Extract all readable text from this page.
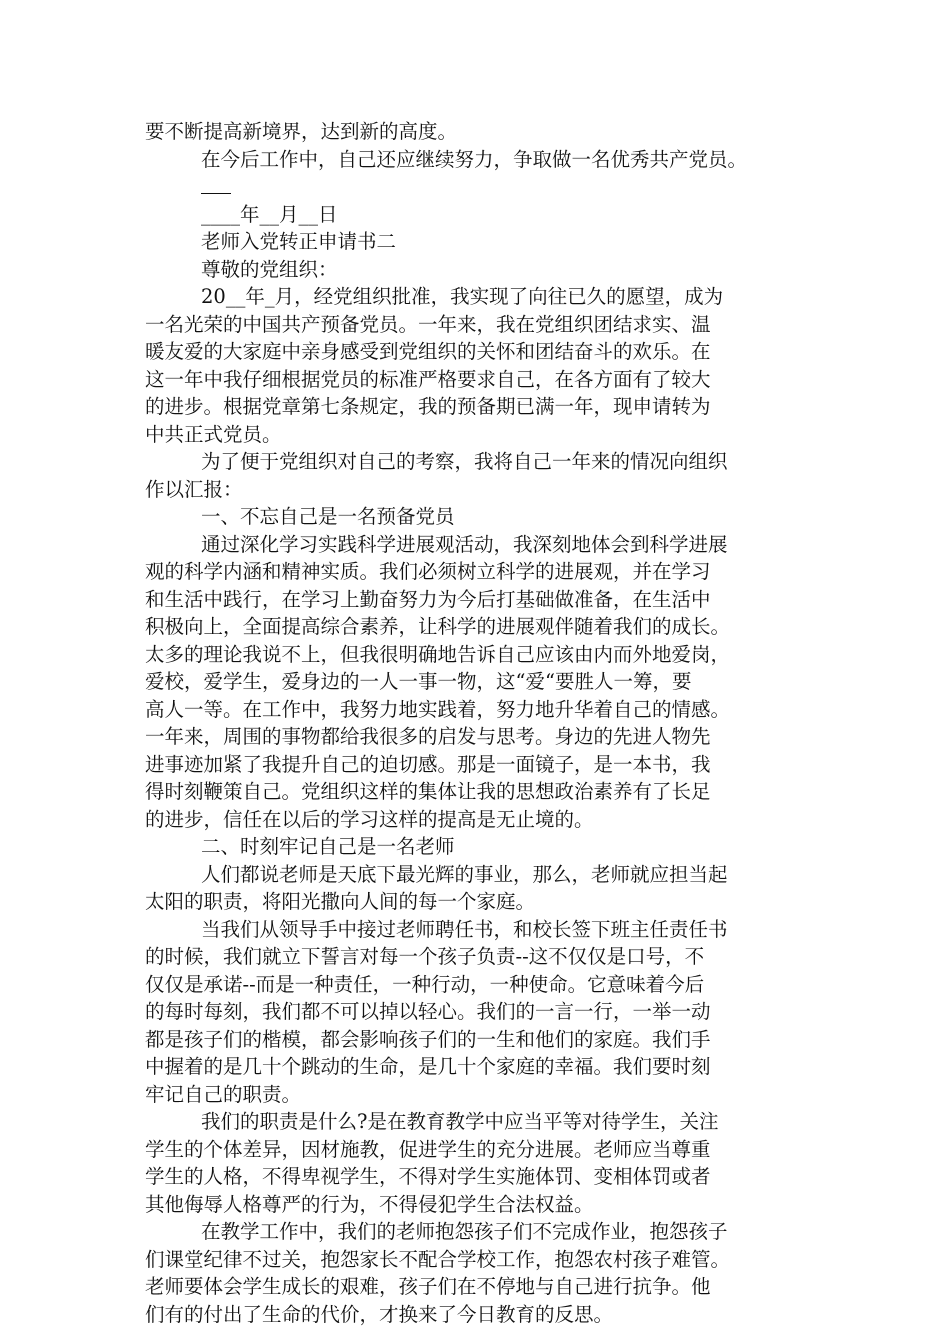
要不断提高新境界，达到新的高度。
在今后工作中，自己还应继续努力，争取做一名优秀共产党员。
____年__月__日
老师入党转正申请书二
尊敬的党组织：
20__年_月，经党组织批准，我实现了向往已久的愿望，成为
一名光荣的中国共产预备党员。一年来，我在党组织团结求实、温
暖友爱的大家庭中亲身感受到党组织的关怀和团结奋斗的欢乐。在
这一年中我仔细根据党员的标准严格要求自己，在各方面有了较大
的进步。根据党章第七条规定，我的预备期已满一年，现申请转为
中共正式党员。
为了便于党组织对自己的考察，我将自己一年来的情况向组织
作以汇报：
一、不忘自己是一名预备党员
通过深化学习实践科学进展观活动，我深刻地体会到科学进展
观的科学内涵和精神实质。我们必须树立科学的进展观，并在学习
和生活中践行，在学习上勤奋努力为今后打基础做准备，在生活中
积极向上，全面提高综合素养，让科学的进展观伴随着我们的成长。
太多的理论我说不上，但我很明确地告诉自己应该由内而外地爱岗，
爱校，爱学生，爱身边的一人一事一物，这“爱“要胜人一筹，要
高人一等。在工作中，我努力地实践着，努力地升华着自己的情感。
一年来，周围的事物都给我很多的启发与思考。身边的先进人物先
进事迹加紧了我提升自己的迫切感。那是一面镜子，是一本书，我
得时刻鞭策自己。党组织这样的集体让我的思想政治素养有了长足
的进步，信任在以后的学习这样的提高是无止境的。
二、时刻牢记自己是一名老师
人们都说老师是天底下最光辉的事业，那么，老师就应担当起
太阳的职责，将阳光撒向人间的每一个家庭。
当我们从领导手中接过老师聘任书，和校长签下班主任责任书
的时候，我们就立下誓言对每一个孩子负责--这不仅仅是口号，不
仅仅是承诺--而是一种责任，一种行动，一种使命。它意味着今后
的每时每刻，我们都不可以掉以轻心。我们的一言一行，一举一动
都是孩子们的楷模，都会影响孩子们的一生和他们的家庭。我们手
中握着的是几十个跳动的生命，是几十个家庭的幸福。我们要时刻
牢记自己的职责。
我们的职责是什么?是在教育教学中应当平等对待学生，关注
学生的个体差异，因材施教，促进学生的充分进展。老师应当尊重
学生的人格，不得卑视学生，不得对学生实施体罚、变相体罚或者
其他侮辱人格尊严的行为，不得侵犯学生合法权益。
在教学工作中，我们的老师抱怨孩子们不完成作业，抱怨孩子
们课堂纪律不过关，抱怨家长不配合学校工作，抱怨农村孩子难管。
老师要体会学生成长的艰难，孩子们在不停地与自己进行抗争。他
们有的付出了生命的代价，才换来了今日教育的反思。
